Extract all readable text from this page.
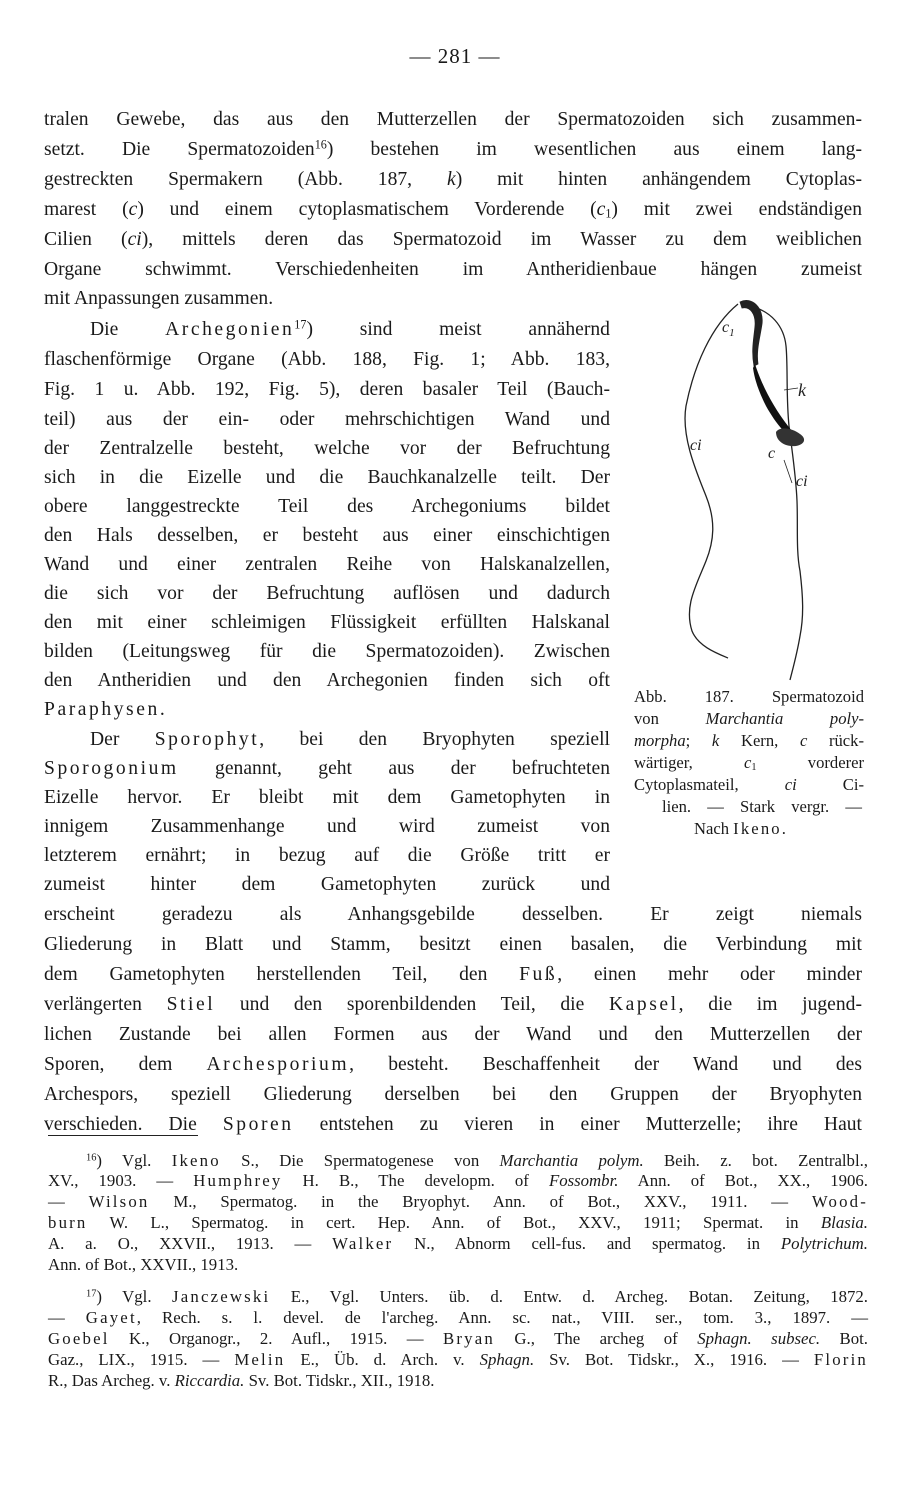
— 281 —
tralen Gewebe, das aus den Mutterzellen der Spermatozoiden sich zusammen-
setzt. Die Spermatozoiden$^{16}$) bestehen im wesentlichen aus einem lang-
gestreckten Spermakern (Abb. 187, k) mit hinten anhängendem Cytoplas-
marest (c) und einem cytoplasmatischem Vorderende $(c_1)$ mit zwei endständigen
Cilien (ci), mittels deren das Spermatozoid im Wasser zu dem weiblichen
Organe schwimmt. Verschiedenheiten im Antheridienbaue hängen zumeist
mit Anpassungen zusammen.
Die Archegonien$^{17}$) sind meist annähernd
flaschenförmige Organe (Abb. 188, Fig. 1; Abb. 183,
Fig. 1 u. Abb. 192, Fig. 5), deren basaler Teil (Bauch-
teil) aus der ein- oder mehrschichtigen Wand und
der Zentralzelle besteht, welche vor der Befruchtung
sich in die Eizelle und die Bauchkanalzelle teilt. Der
obere langgestreckte Teil des Archegoniums bildet
den Hals desselben, er besteht aus einer einschichtigen
Wand und einer zentralen Reihe von Halskanalzellen,
die sich vor der Befruchtung auflösen und dadurch
den mit einer schleimigen Flüssigkeit erfüllten Halskanal
bilden (Leitungsweg für die Spermatozoiden). Zwischen
den Antheridien und den Archegonien finden sich oft
Paraphysen.
Der Sporophyt, bei den Bryophyten speziell
Sporogonium genannt, geht aus der befruchteten
Eizelle hervor. Er bleibt mit dem Gametophyten in
innigem Zusammenhange und wird zumeist von
letzterem ernährt; in bezug auf die Größe tritt er
zumeist hinter dem Gametophyten zurück und
erscheint geradezu als Anhangsgebilde desselben. Er zeigt niemals
Gliederung in Blatt und Stamm, besitzt einen basalen, die Verbindung mit
dem Gametophyten herstellenden Teil, den Fuß, einen mehr oder minder
verlängerten Stiel und den sporenbildenden Teil, die Kapsel, die im jugend-
lichen Zustande bei allen Formen aus der Wand und den Mutterzellen der
Sporen, dem Archesporium, besteht. Beschaffenheit der Wand und des
Archespors, speziell Gliederung derselben bei den Gruppen der Bryophyten
verschieden. Die Sporen entstehen zu vieren in einer Mutterzelle; ihre Haut
$c_1$
k
ci	c
ci
Abb. 187. Spermatozoid
von Marchantia poly-
morpha; k Kern, c rück-
wärtiger, $c_1$ vorderer
Cytoplasmateil, ci Ci-
lien. — Stark vergr. —
Nach Ikeno.
$^{16}$) Vgl. Ikeno S., Die Spermatogenese von Marchantia polym. Beih. z. bot. Zentralbl.,
XV., 1903. — Humphrey H. B., The developm. of Fossombr. Ann. of Bot., XX., 1906.
— Wilson M., Spermatog. in the Bryophyt. Ann. of Bot., XXV., 1911. — Wood-
burn W. L., Spermatog. in cert. Hep. Ann. of Bot., XXV., 1911; Spermat. in Blasia.
A. a. O., XXVII., 1913. — Walker N., Abnorm cell-fus. and spermatog. in Polytrichum.
Ann. of Bot., XXVII., 1913.
$^{17}$) Vgl. Janczewski E., Vgl. Unters. üb. d. Entw. d. Archeg. Botan. Zeitung, 1872.
— Gayet, Rech. s. l. devel. de l'archeg. Ann. sc. nat., VIII. ser., tom. 3., 1897. —
Goebel K., Organogr., 2. Aufl., 1915. — Bryan G., The archeg of Sphagn. subsec. Bot.
Gaz., LIX., 1915. — Melin E., Üb. d. Arch. v. Sphagn. Sv. Bot. Tidskr., X., 1916. — Florin
R., Das Archeg. v. Riccardia. Sv. Bot. Tidskr., XII., 1918.
